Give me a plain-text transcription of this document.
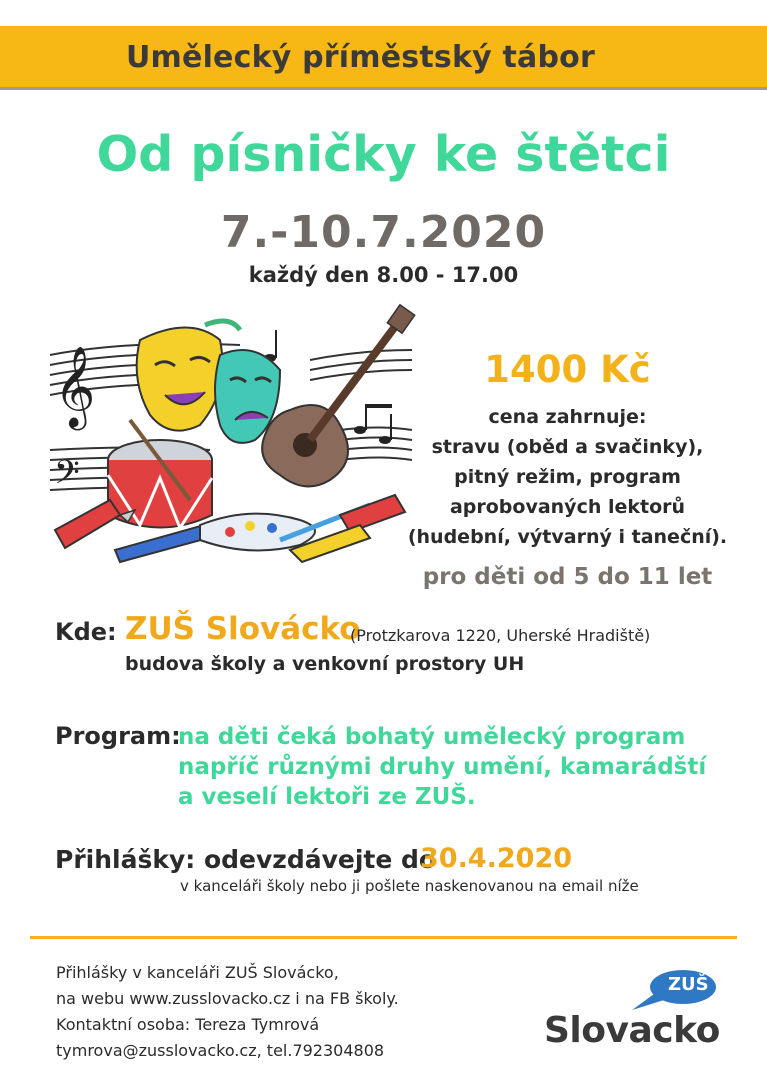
Umělecký příměstský tábor
Od písničky ke štětci
7.-10.7.2020
každý den 8.00 - 17.00
𝄞
𝄢
1400 Kč
cena zahrnuje:
stravu (oběd a svačinky),
pitný režim, program
aprobovaných lektorů
(hudební, výtvarný i taneční).
pro děti od 5 do 11 let
Kde: ZUŠ Slovácko
(Protzkarova 1220, Uherské Hradiště)
budova školy a venkovní prostory UH
Program:
na děti čeká bohatý umělecký program
napříč různými druhy umění, kamarádští
a veselí lektoři ze ZUŠ.
Přihlášky: odevzdávejte do
30.4.2020
v kanceláři školy nebo ji pošlete naskenovanou na email níže
Přihlášky v kanceláři ZUŠ Slovácko,
na webu www.zusslovacko.cz i na FB školy.
Kontaktní osoba: Tereza Tymrová
tymrova@zusslovacko.cz, tel.792304808
ZUŠ
Slovacko
